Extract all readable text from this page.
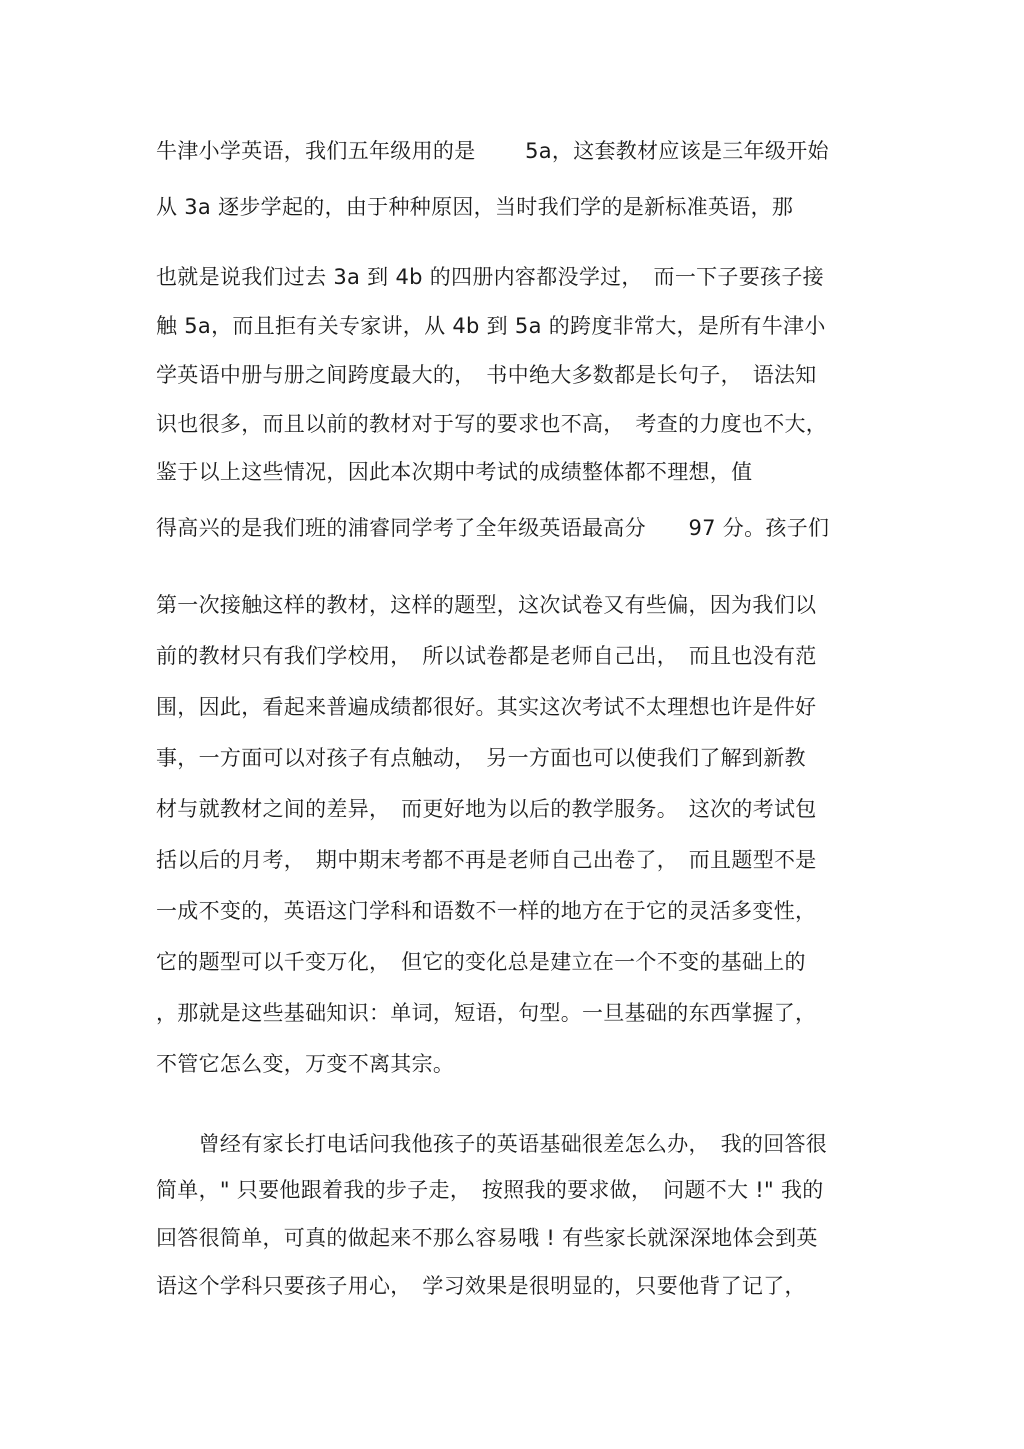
牛津小学英语，我们五年级用的是　　 5a，这套教材应该是三年级开始
从 3a 逐步学起的，由于种种原因，当时我们学的是新标准英语，那
也就是说我们过去 3a 到 4b 的四册内容都没学过，　而一下子要孩子接
触 5a，而且拒有关专家讲，从 4b 到 5a 的跨度非常大，是所有牛津小
学英语中册与册之间跨度最大的，　书中绝大多数都是长句子，　语法知
识也很多，而且以前的教材对于写的要求也不高，　考查的力度也不大，
鉴于以上这些情况，因此本次期中考试的成绩整体都不理想，值
得高兴的是我们班的浦睿同学考了全年级英语最高分　　97 分。孩子们
第一次接触这样的教材，这样的题型，这次试卷又有些偏，因为我们以
前的教材只有我们学校用，　所以试卷都是老师自己出，　而且也没有范
围，因此，看起来普遍成绩都很好。其实这次考试不太理想也许是件好
事，一方面可以对孩子有点触动，　另一方面也可以使我们了解到新教
材与就教材之间的差异，　而更好地为以后的教学服务。　这次的考试包
括以后的月考，　期中期末考都不再是老师自己出卷了，　而且题型不是
一成不变的，英语这门学科和语数不一样的地方在于它的灵活多变性，
它的题型可以千变万化，　但它的变化总是建立在一个不变的基础上的
，那就是这些基础知识：单词，短语，句型。一旦基础的东西掌握了，
不管它怎么变，万变不离其宗。
　　曾经有家长打电话问我他孩子的英语基础很差怎么办，　我的回答很
简单，" 只要他跟着我的步子走，　按照我的要求做，　问题不大 !" 我的
回答很简单，可真的做起来不那么容易哦 ! 有些家长就深深地体会到英
语这个学科只要孩子用心，　学习效果是很明显的，只要他背了记了，
